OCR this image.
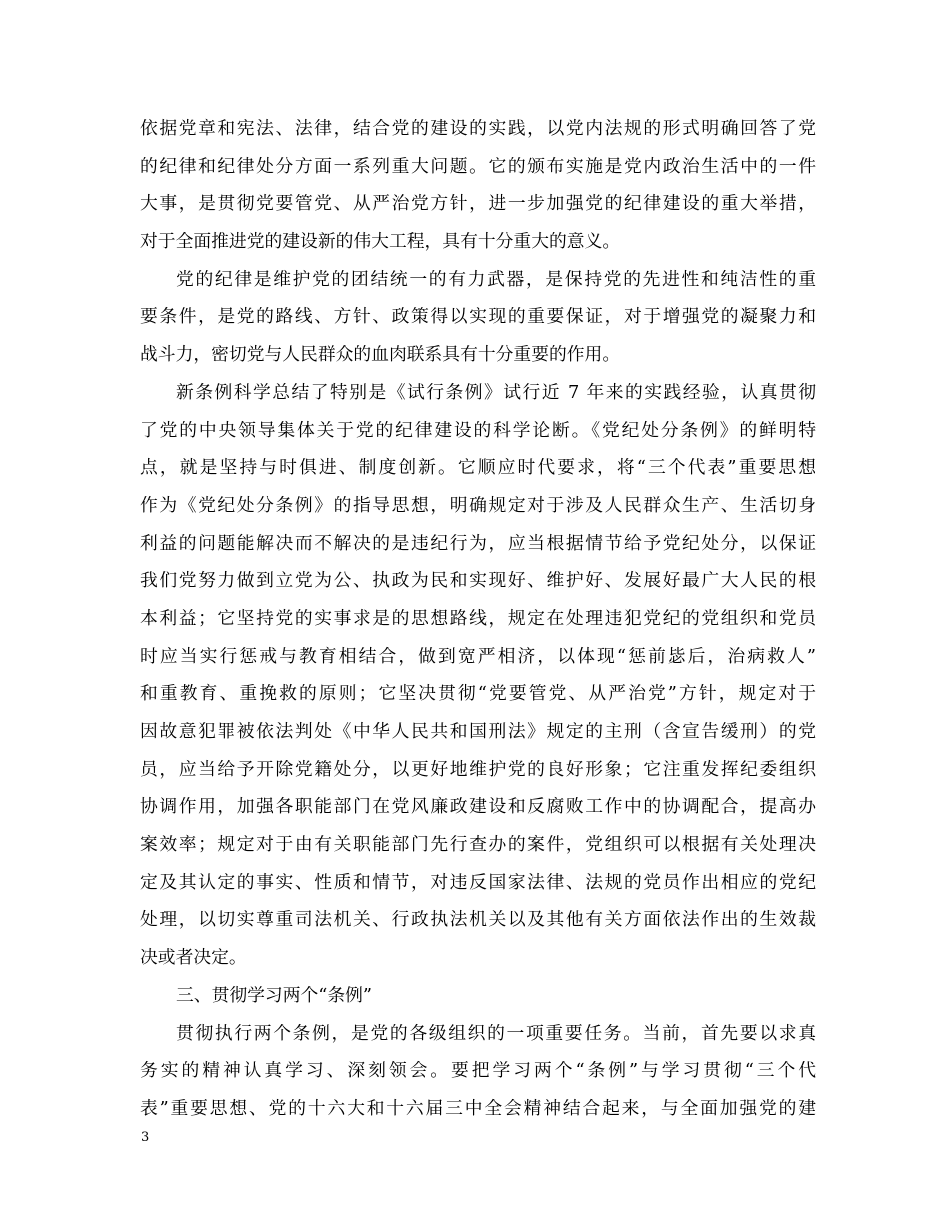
依据党章和宪法、法律，结合党的建设的实践，以党内法规的形式明确回答了党
的纪律和纪律处分方面一系列重大问题。它的颁布实施是党内政治生活中的一件
大事，是贯彻党要管党、从严治党方针，进一步加强党的纪律建设的重大举措，
对于全面推进党的建设新的伟大工程，具有十分重大的意义。
党的纪律是维护党的团结统一的有力武器，是保持党的先进性和纯洁性的重
要条件，是党的路线、方针、政策得以实现的重要保证，对于增强党的凝聚力和
战斗力，密切党与人民群众的血肉联系具有十分重要的作用。
新条例科学总结了特别是《试行条例》试行近 7 年来的实践经验，认真贯彻
了党的中央领导集体关于党的纪律建设的科学论断。《党纪处分条例》的鲜明特
点，就是坚持与时俱进、制度创新。它顺应时代要求，将“三个代表”重要思想
作为《党纪处分条例》的指导思想，明确规定对于涉及人民群众生产、生活切身
利益的问题能解决而不解决的是违纪行为，应当根据情节给予党纪处分，以保证
我们党努力做到立党为公、执政为民和实现好、维护好、发展好最广大人民的根
本利益；它坚持党的实事求是的思想路线，规定在处理违犯党纪的党组织和党员
时应当实行惩戒与教育相结合，做到宽严相济，以体现“惩前毖后，治病救人”
和重教育、重挽救的原则；它坚决贯彻“党要管党、从严治党”方针，规定对于
因故意犯罪被依法判处《中华人民共和国刑法》规定的主刑（含宣告缓刑）的党
员，应当给予开除党籍处分，以更好地维护党的良好形象；它注重发挥纪委组织
协调作用，加强各职能部门在党风廉政建设和反腐败工作中的协调配合，提高办
案效率；规定对于由有关职能部门先行查办的案件，党组织可以根据有关处理决
定及其认定的事实、性质和情节，对违反国家法律、法规的党员作出相应的党纪
处理，以切实尊重司法机关、行政执法机关以及其他有关方面依法作出的生效裁
决或者决定。
三、贯彻学习两个“条例”
贯彻执行两个条例，是党的各级组织的一项重要任务。当前，首先要以求真
务实的精神认真学习、深刻领会。要把学习两个“条例”与学习贯彻“三个代
表”重要思想、党的十六大和十六届三中全会精神结合起来，与全面加强党的建
3
